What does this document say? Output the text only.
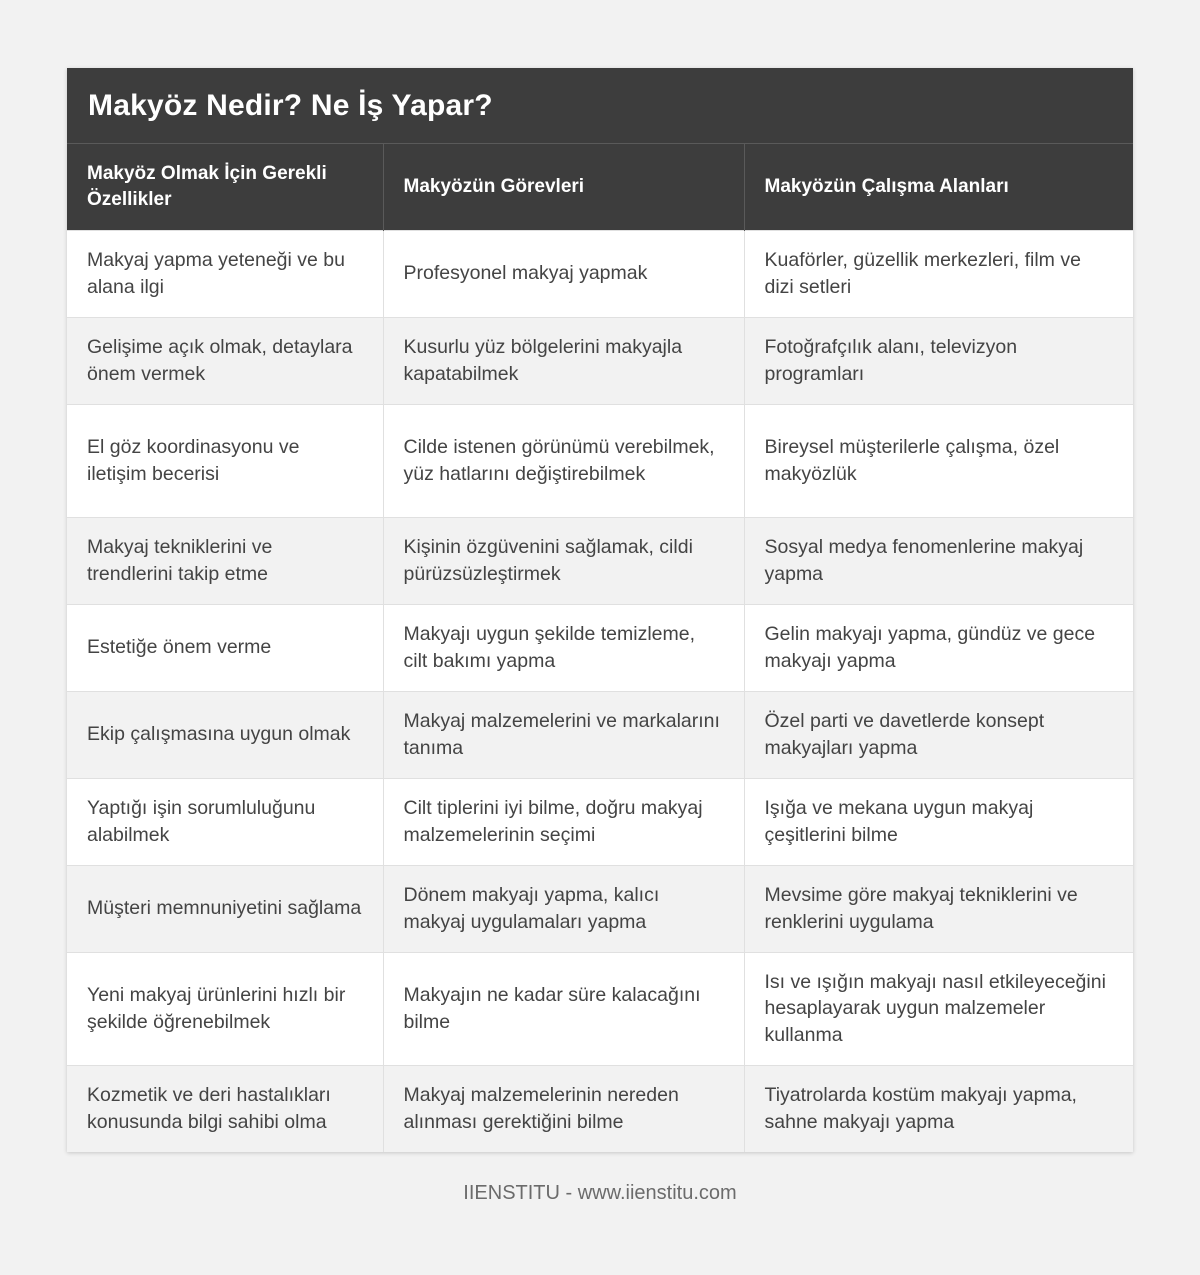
Makyöz Nedir? Ne İş Yapar?
Makyöz Olmak İçin Gerekli Özellikler	Makyözün Görevleri	Makyözün Çalışma Alanları
Makyaj yapma yeteneği ve bu alana ilgi	Profesyonel makyaj yapmak	Kuaförler, güzellik merkezleri, film ve dizi setleri
Gelişime açık olmak, detaylara önem vermek	Kusurlu yüz bölgelerini makyajla kapatabilmek	Fotoğrafçılık alanı, televizyon programları
El göz koordinasyonu ve iletişim becerisi	Cilde istenen görünümü verebilmek, yüz hatlarını değiştirebilmek	Bireysel müşterilerle çalışma, özel makyözlük
Makyaj tekniklerini ve trendlerini takip etme	Kişinin özgüvenini sağlamak, cildi pürüzsüzleştirmek	Sosyal medya fenomenlerine makyaj yapma
Estetiğe önem verme	Makyajı uygun şekilde temizleme, cilt bakımı yapma	Gelin makyajı yapma, gündüz ve gece makyajı yapma
Ekip çalışmasına uygun olmak	Makyaj malzemelerini ve markalarını tanıma	Özel parti ve davetlerde konsept makyajları yapma
Yaptığı işin sorumluluğunu alabilmek	Cilt tiplerini iyi bilme, doğru makyaj malzemelerinin seçimi	Işığa ve mekana uygun makyaj çeşitlerini bilme
Müşteri memnuniyetini sağlama	Dönem makyajı yapma, kalıcı makyaj uygulamaları yapma	Mevsime göre makyaj tekniklerini ve renklerini uygulama
Yeni makyaj ürünlerini hızlı bir şekilde öğrenebilmek	Makyajın ne kadar süre kalacağını bilme	Isı ve ışığın makyajı nasıl etkileyeceğini hesaplayarak uygun malzemeler kullanma
Kozmetik ve deri hastalıkları konusunda bilgi sahibi olma	Makyaj malzemelerinin nereden alınması gerektiğini bilme	Tiyatrolarda kostüm makyajı yapma, sahne makyajı yapma
IIENSTITU - www.iienstitu.com
